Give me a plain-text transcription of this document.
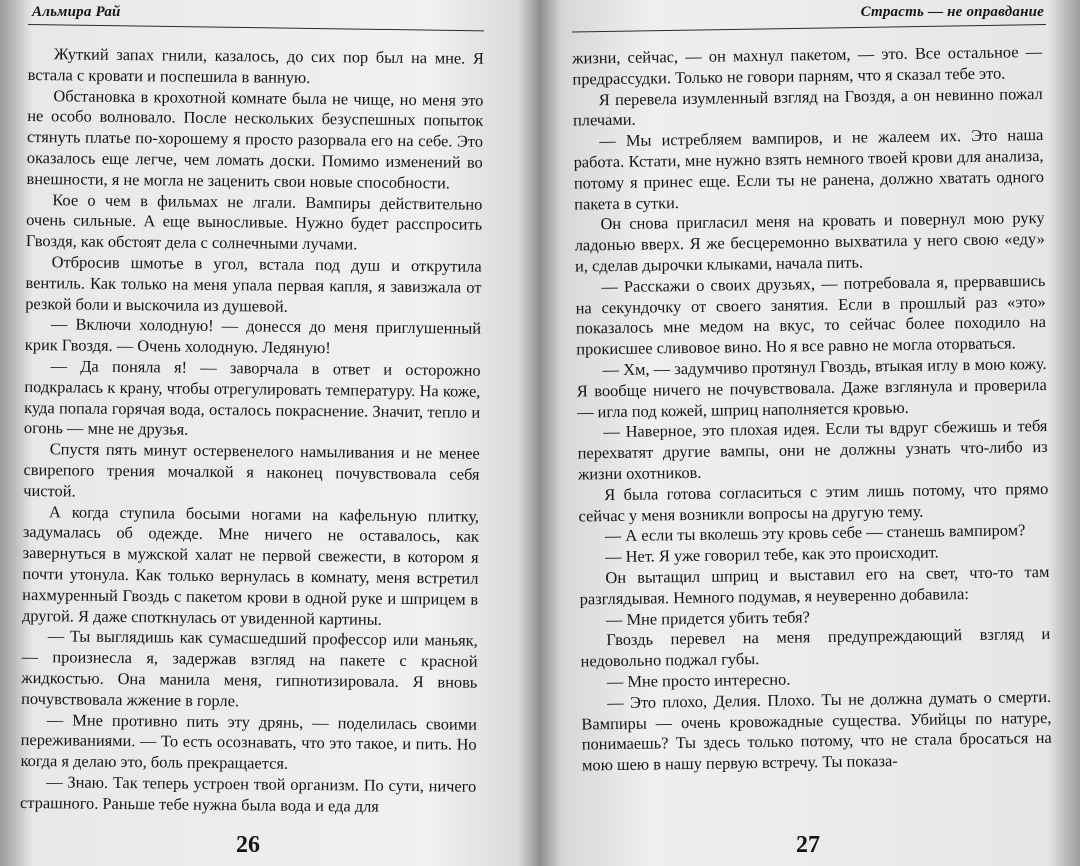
Альмира Рай

Жуткий запах гнили, казалось, до сих пор был на мне. Я встала с кровати и поспешила в ванную.

Обстановка в крохотной комнате была не чище, но меня это не особо волновало. После нескольких безуспешных попыток стянуть платье по-хорошему я просто разорвала его на себе. Это оказалось еще легче, чем ломать доски. Помимо изменений во внешности, я не могла не заценить свои новые способности.

Кое о чем в фильмах не лгали. Вампиры действительно очень сильные. А еще выносливые. Нужно будет расспросить Гвоздя, как обстоят дела с солнечными лучами.

Отбросив шмотье в угол, встала под душ и открутила вентиль. Как только на меня упала первая капля, я завизжала от резкой боли и выскочила из душевой.

— Включи холодную! — донесся до меня приглушенный крик Гвоздя. — Очень холодную. Ледяную!

— Да поняла я! — заворчала в ответ и осторожно подкралась к крану, чтобы отрегулировать температуру. На коже, куда попала горячая вода, осталось покраснение. Значит, тепло и огонь — мне не друзья.

Спустя пять минут остервенелого намыливания и не менее свирепого трения мочалкой я наконец почувствовала себя чистой.

А когда ступила босыми ногами на кафельную плитку, задумалась об одежде. Мне ничего не оставалось, как завернуться в мужской халат не первой свежести, в котором я почти утонула. Как только вернулась в комнату, меня встретил нахмуренный Гвоздь с пакетом крови в одной руке и шприцем в другой. Я даже споткнулась от увиденной картины.

— Ты выглядишь как сумасшедший профессор или маньяк, — произнесла я, задержав взгляд на пакете с красной жидкостью. Она манила меня, гипнотизировала. Я вновь почувствовала жжение в горле.

— Мне противно пить эту дрянь, — поделилась своими переживаниями. — То есть осознавать, что это такое, и пить. Но когда я делаю это, боль прекращается.

— Знаю. Так теперь устроен твой организм. По сути, ничего страшного. Раньше тебе нужна была вода и еда для

26
Страсть — не оправдание

жизни, сейчас, — он махнул пакетом, — это. Все остальное — предрассудки. Только не говори парням, что я сказал тебе это.

Я перевела изумленный взгляд на Гвоздя, а он невинно пожал плечами.

— Мы истребляем вампиров, и не жалеем их. Это наша работа. Кстати, мне нужно взять немного твоей крови для анализа, потому я принес еще. Если ты не ранена, должно хватать одного пакета в сутки.

Он снова пригласил меня на кровать и повернул мою руку ладонью вверх. Я же бесцеремонно выхватила у него свою «еду» и, сделав дырочки клыками, начала пить.

— Расскажи о своих друзьях, — потребовала я, прервавшись на секундочку от своего занятия. Если в прошлый раз «это» показалось мне медом на вкус, то сейчас более походило на прокисшее сливовое вино. Но я все равно не могла оторваться.

— Хм, — задумчиво протянул Гвоздь, втыкая иглу в мою кожу. Я вообще ничего не почувствовала. Даже взглянула и проверила — игла под кожей, шприц наполняется кровью.

— Наверное, это плохая идея. Если ты вдруг сбежишь и тебя перехватят другие вампы, они не должны узнать что-либо из жизни охотников.

Я была готова согласиться с этим лишь потому, что прямо сейчас у меня возникли вопросы на другую тему.

— А если ты вколешь эту кровь себе — станешь вампиром?

— Нет. Я уже говорил тебе, как это происходит.

Он вытащил шприц и выставил его на свет, что-то там разглядывая. Немного подумав, я неуверенно добавила:

— Мне придется убить тебя?

Гвоздь перевел на меня предупреждающий взгляд и недовольно поджал губы.

— Мне просто интересно.

— Это плохо, Делия. Плохо. Ты не должна думать о смерти. Вампиры — очень кровожадные существа. Убийцы по натуре, понимаешь? Ты здесь только потому, что не стала бросаться на мою шею в нашу первую встречу. Ты показа-

27
